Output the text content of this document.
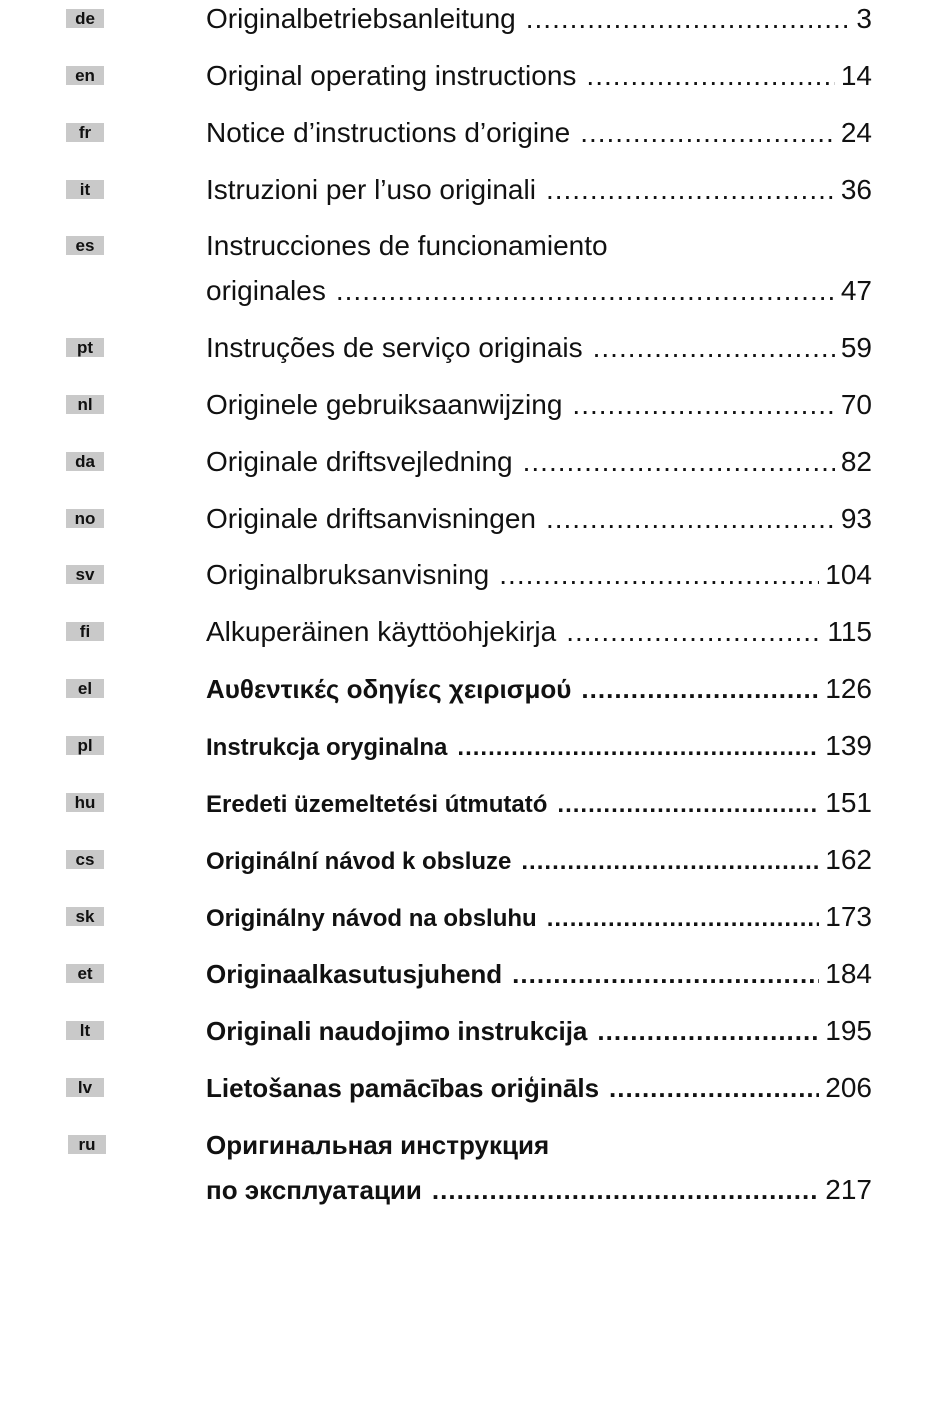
de	Originalbetriebsanleitung .....	3
en	Original operating instructions .....	14
fr	Notice d’instructions d’origine .....	24
it	Istruzioni per l’uso originali .....	36
es	Instrucciones de funcionamiento
originales .....	47
pt	Instruções de serviço originais .....	59
nl	Originele gebruiksaanwijzing .....	70
da	Originale driftsvejledning .....	82
no	Originale driftsanvisningen .....	93
sv	Originalbruksanvisning .....	104
fi	Alkuperäinen käyttöohjekirja .....	115
el	Αυθεντικές οδηγίες χειρισμού .....	126
pl	Instrukcja oryginalna .....	139
hu	Eredeti üzemeltetési útmutató .....	151
cs	Originální návod k obsluze .....	162
sk	Originálny návod na obsluhu .....	173
et	Originaalkasutusjuhend .....	184
lt	Originali naudojimo instrukcija .....	195
lv	Lietošanas pamācības oriģināls .....	206
ru	Оригинальная инструкция
по эксплуатации .....	217
